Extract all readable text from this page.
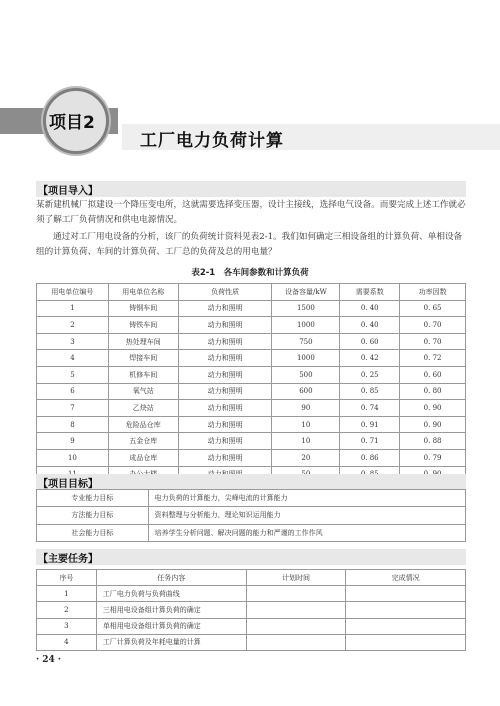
项目2
工厂电力负荷计算
【项目导入】

某新建机械厂拟建设一个降压变电所，这就需要选择变压器，设计主接线，选择电气设备。而要完成上述工作就必须了解工厂负荷情况和供电电源情况。

通过对工厂用电设备的分析，该厂的负荷统计资料见表2-1。我们如何确定三相设备组的计算负荷、单相设备组的计算负荷、车间的计算负荷、工厂总的负荷及总的用电量？

表2-1　各车间参数和计算负荷
用电单位编号	用电单位名称	负荷性质	设备容量/kW	需要系数	功率因数
1	铸钢车间	动力和照明	1500	0. 40	0. 65
2	铸铁车间	动力和照明	1000	0. 40	0. 70
3	热处理车间	动力和照明	750	0. 60	0. 70
4	焊接车间	动力和照明	1000	0. 42	0. 72
5	机修车间	动力和照明	500	0. 25	0. 60
6	氧气站	动力和照明	600	0. 85	0. 80
7	乙炔站	动力和照明	90	0. 74	0. 90
8	危险品仓库	动力和照明	10	0. 91	0. 90
9	五金仓库	动力和照明	10	0. 71	0. 88
10	成品仓库	动力和照明	20	0. 86	0. 79

【项目目标】
专业能力目标	电力负荷的计算能力，尖峰电流的计算能力
方法能力目标	资料整理与分析能力，理论知识运用能力
社会能力目标	培养学生分析问题、解决问题的能力和严谨的工作作风
【主要任务】
序号	任务内容	计划时间	完成情况
1	工厂电力负荷与负荷曲线		
2	三相用电设备组计算负荷的确定		
3	单相用电设备组计算负荷的确定		
4	工厂计算负荷及年耗电量的计算		
· 24 ·
